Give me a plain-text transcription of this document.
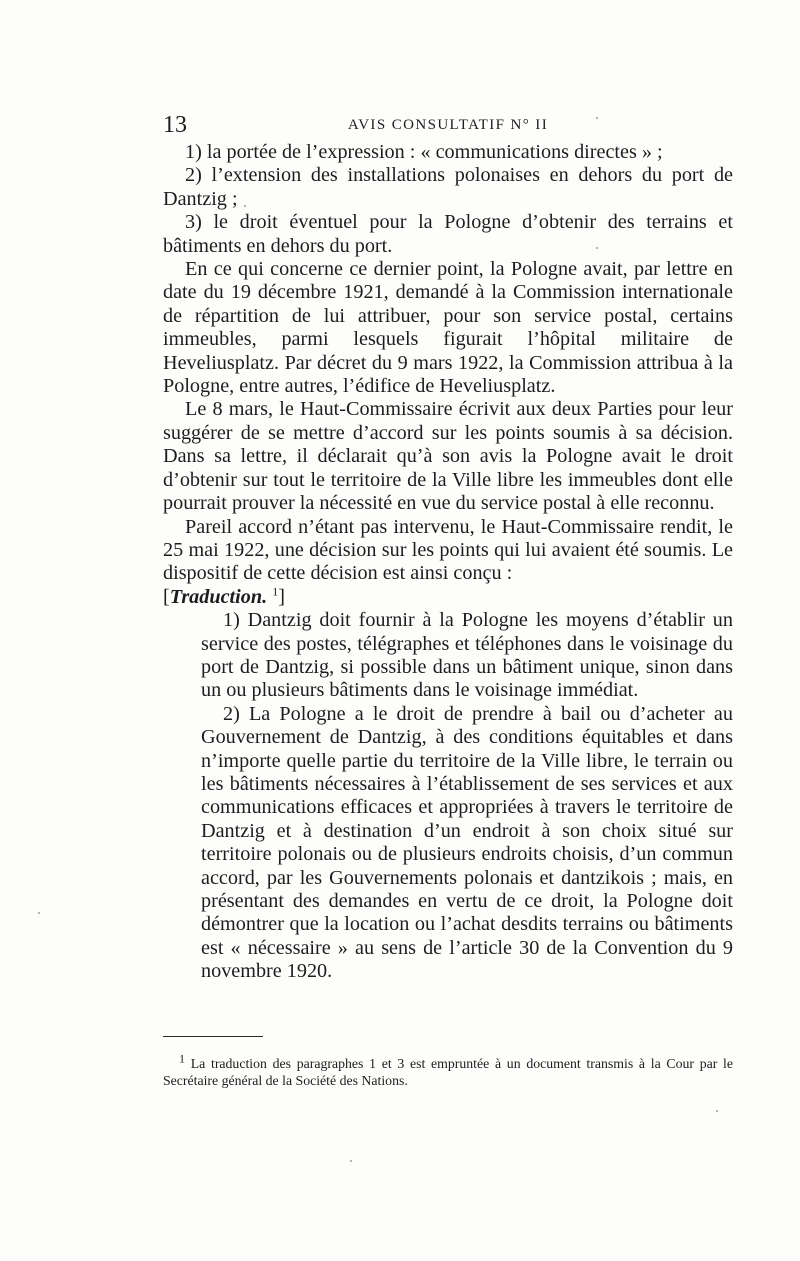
13	AVIS CONSULTATIF N° II

1) la portée de l’expression : « communications directes » ;

2) l’extension des installations polonaises en dehors du port de Dantzig ;

3) le droit éventuel pour la Pologne d’obtenir des terrains et bâtiments en dehors du port.

En ce qui concerne ce dernier point, la Pologne avait, par lettre en date du 19 décembre 1921, demandé à la Commission internationale de répartition de lui attribuer, pour son service postal, certains immeubles, parmi lesquels figurait l’hôpital militaire de Heveliusplatz. Par décret du 9 mars 1922, la Commission attribua à la Pologne, entre autres, l’édifice de Heveliusplatz.

Le 8 mars, le Haut-Commissaire écrivit aux deux Parties pour leur suggérer de se mettre d’accord sur les points soumis à sa décision. Dans sa lettre, il déclarait qu’à son avis la Pologne avait le droit d’obtenir sur tout le territoire de la Ville libre les immeubles dont elle pourrait prouver la nécessité en vue du service postal à elle reconnu.

Pareil accord n’étant pas intervenu, le Haut-Commissaire rendit, le 25 mai 1922, une décision sur les points qui lui avaient été soumis. Le dispositif de cette décision est ainsi conçu :

[Traduction. $^1$]

1) Dantzig doit fournir à la Pologne les moyens d’établir un service des postes, télégraphes et téléphones dans le voisinage du port de Dantzig, si possible dans un bâtiment unique, sinon dans un ou plusieurs bâtiments dans le voisinage immédiat.

2) La Pologne a le droit de prendre à bail ou d’acheter au Gouvernement de Dantzig, à des conditions équitables et dans n’importe quelle partie du territoire de la Ville libre, le terrain ou les bâtiments nécessaires à l’établissement de ses services et aux communications efficaces et appropriées à travers le territoire de Dantzig et à destination d’un endroit à son choix situé sur territoire polonais ou de plusieurs endroits choisis, d’un commun accord, par les Gouvernements polonais et dantzikois ; mais, en présentant des demandes en vertu de ce droit, la Pologne doit démontrer que la location ou l’achat desdits terrains ou bâtiments est « nécessaire » au sens de l’article 30 de la Convention du 9 novembre 1920.

$^1$ La traduction des paragraphes 1 et 3 est empruntée à un document transmis à la Cour par le Secrétaire général de la Société des Nations.
